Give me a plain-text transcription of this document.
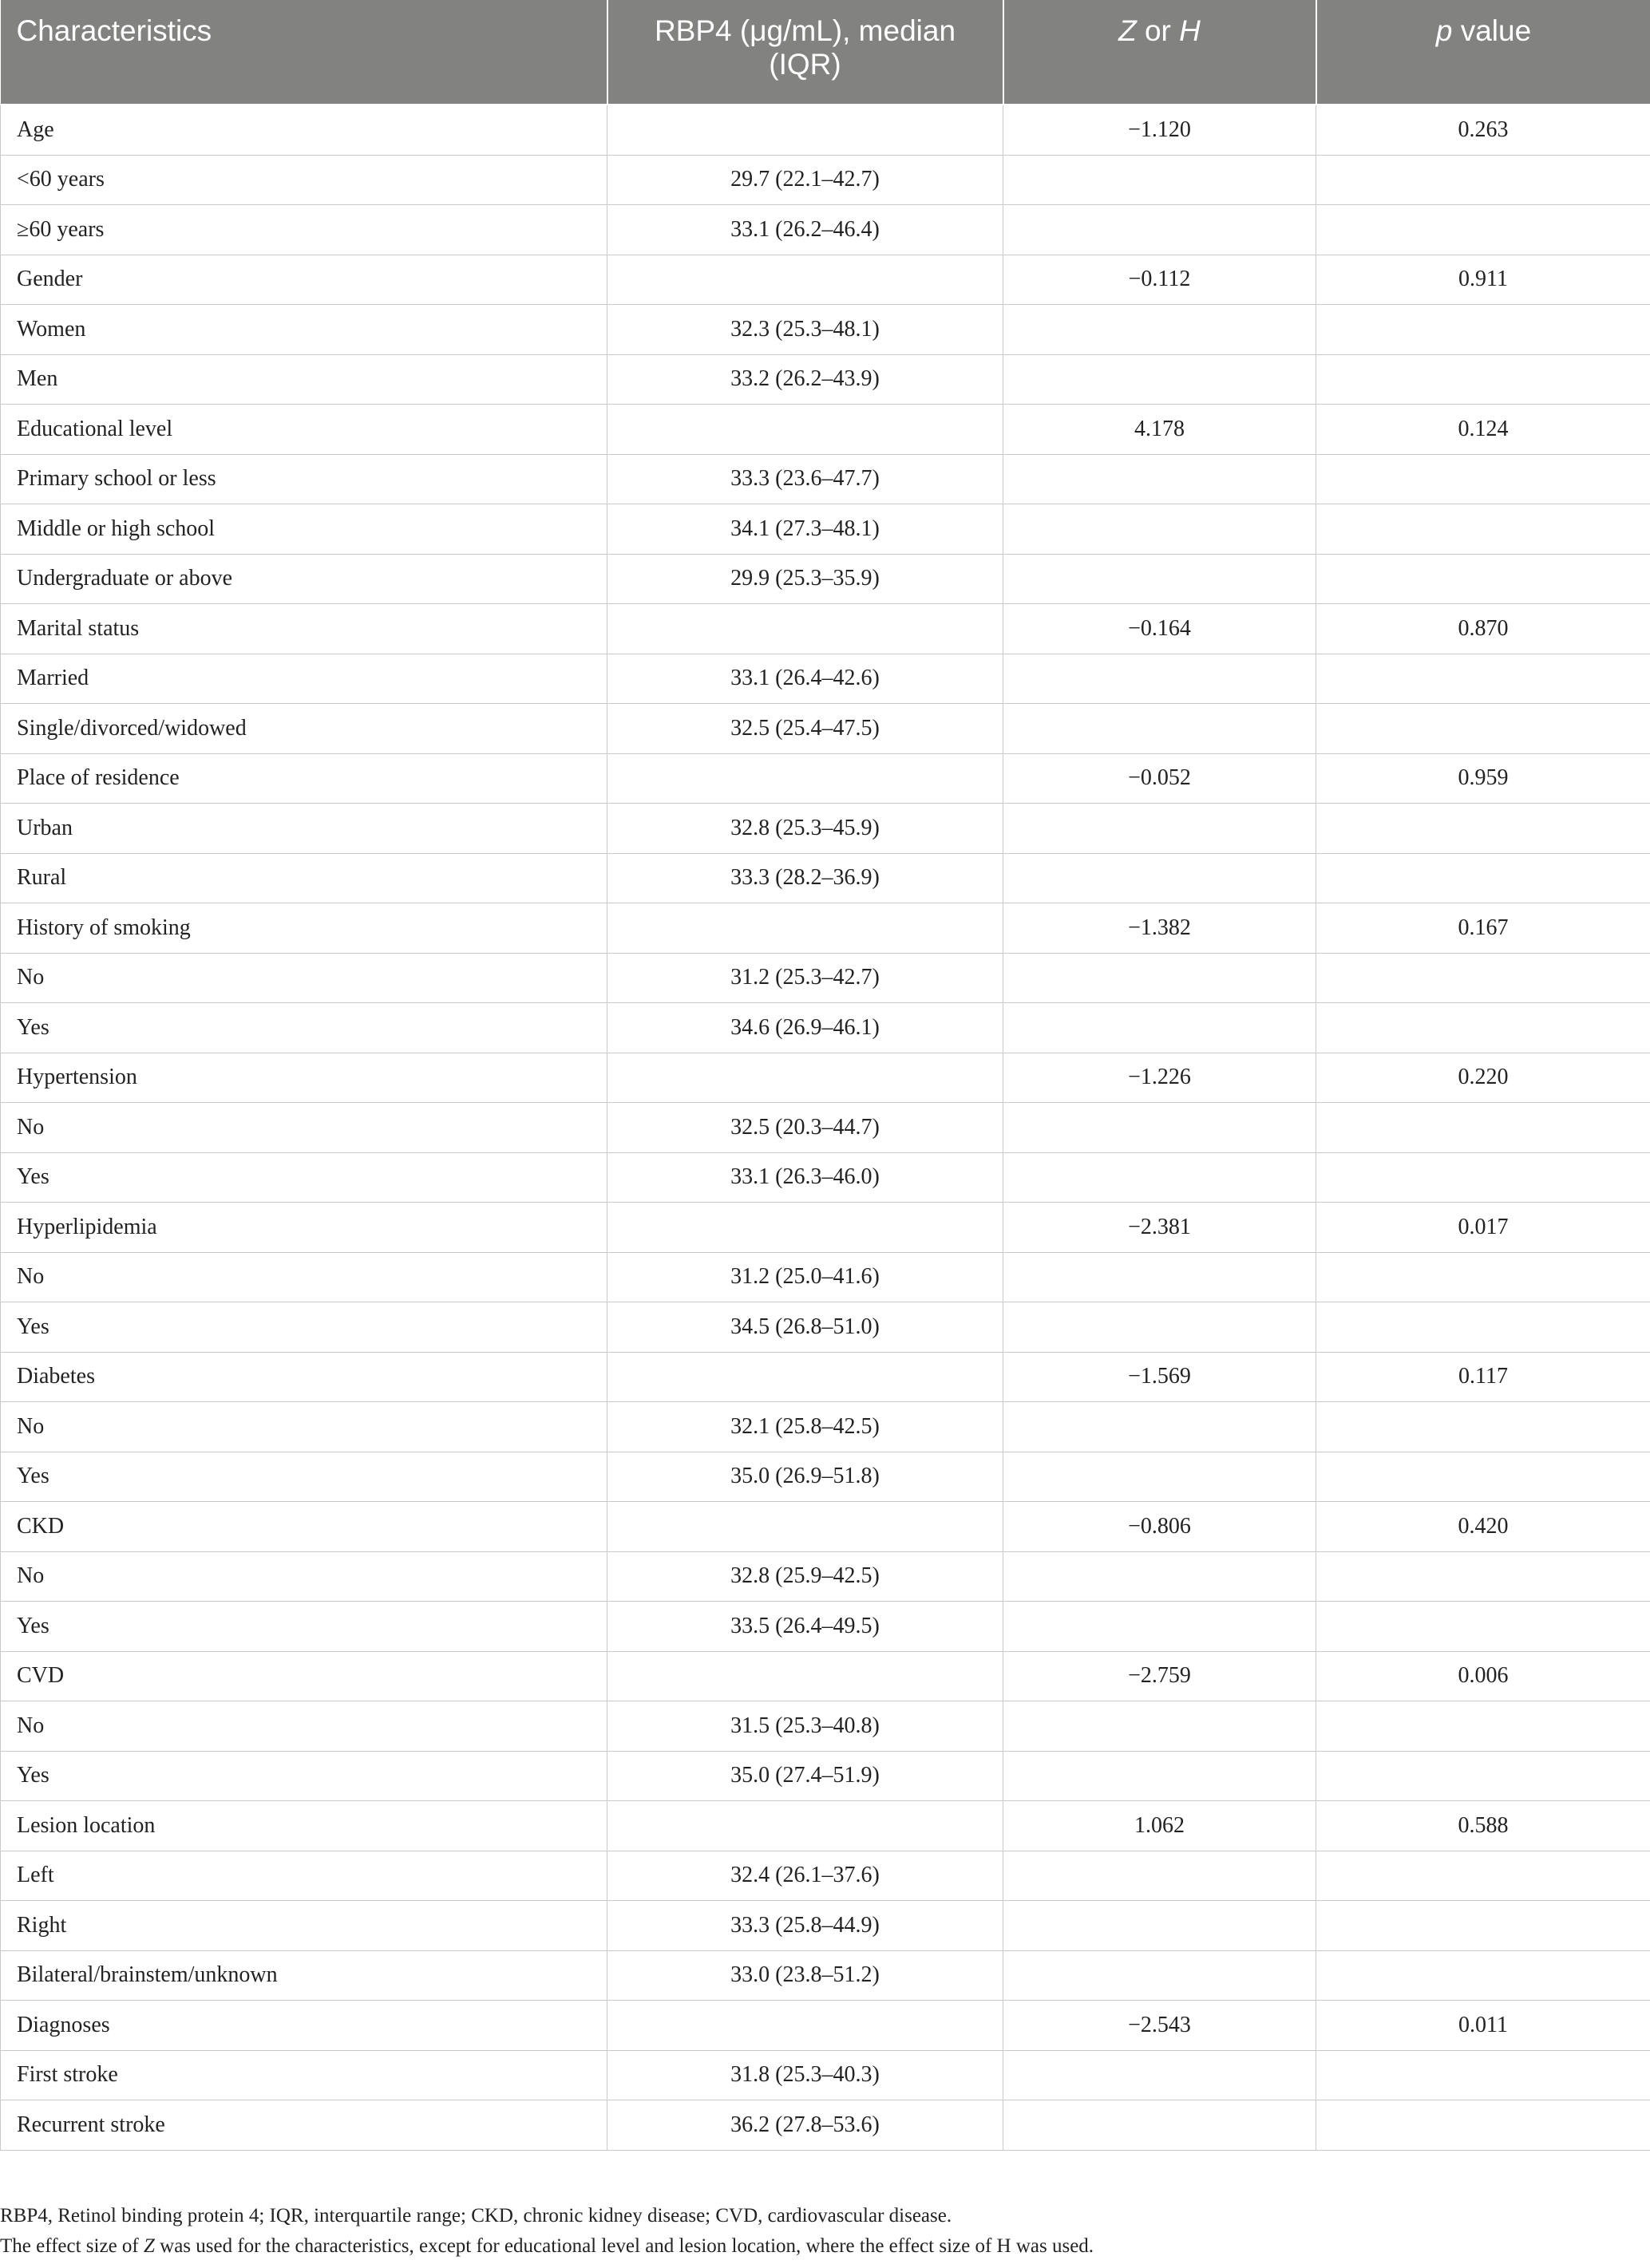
Characteristics	RBP4 (μg/mL), median (IQR)	Z or H	p value
Age		−1.120	0.263
<60 years	29.7 (22.1–42.7)		
≥60 years	33.1 (26.2–46.4)		
Gender		−0.112	0.911
Women	32.3 (25.3–48.1)		
Men	33.2 (26.2–43.9)		
Educational level		4.178	0.124
Primary school or less	33.3 (23.6–47.7)		
Middle or high school	34.1 (27.3–48.1)		
Undergraduate or above	29.9 (25.3–35.9)		
Marital status		−0.164	0.870
Married	33.1 (26.4–42.6)		
Single/divorced/widowed	32.5 (25.4–47.5)		
Place of residence		−0.052	0.959
Urban	32.8 (25.3–45.9)		
Rural	33.3 (28.2–36.9)		
History of smoking		−1.382	0.167
No	31.2 (25.3–42.7)		
Yes	34.6 (26.9–46.1)		
Hypertension		−1.226	0.220
No	32.5 (20.3–44.7)		
Yes	33.1 (26.3–46.0)		
Hyperlipidemia		−2.381	0.017
No	31.2 (25.0–41.6)		
Yes	34.5 (26.8–51.0)		
Diabetes		−1.569	0.117
No	32.1 (25.8–42.5)		
Yes	35.0 (26.9–51.8)		
CKD		−0.806	0.420
No	32.8 (25.9–42.5)		
Yes	33.5 (26.4–49.5)		
CVD		−2.759	0.006
No	31.5 (25.3–40.8)		
Yes	35.0 (27.4–51.9)		
Lesion location		1.062	0.588
Left	32.4 (26.1–37.6)		
Right	33.3 (25.8–44.9)		
Bilateral/brainstem/unknown	33.0 (23.8–51.2)		
Diagnoses		−2.543	0.011
First stroke	31.8 (25.3–40.3)		
Recurrent stroke	36.2 (27.8–53.6)		

RBP4, Retinol binding protein 4; IQR, interquartile range; CKD, chronic kidney disease; CVD, cardiovascular disease.

The effect size of Z was used for the characteristics, except for educational level and lesion location, where the effect size of H was used.
